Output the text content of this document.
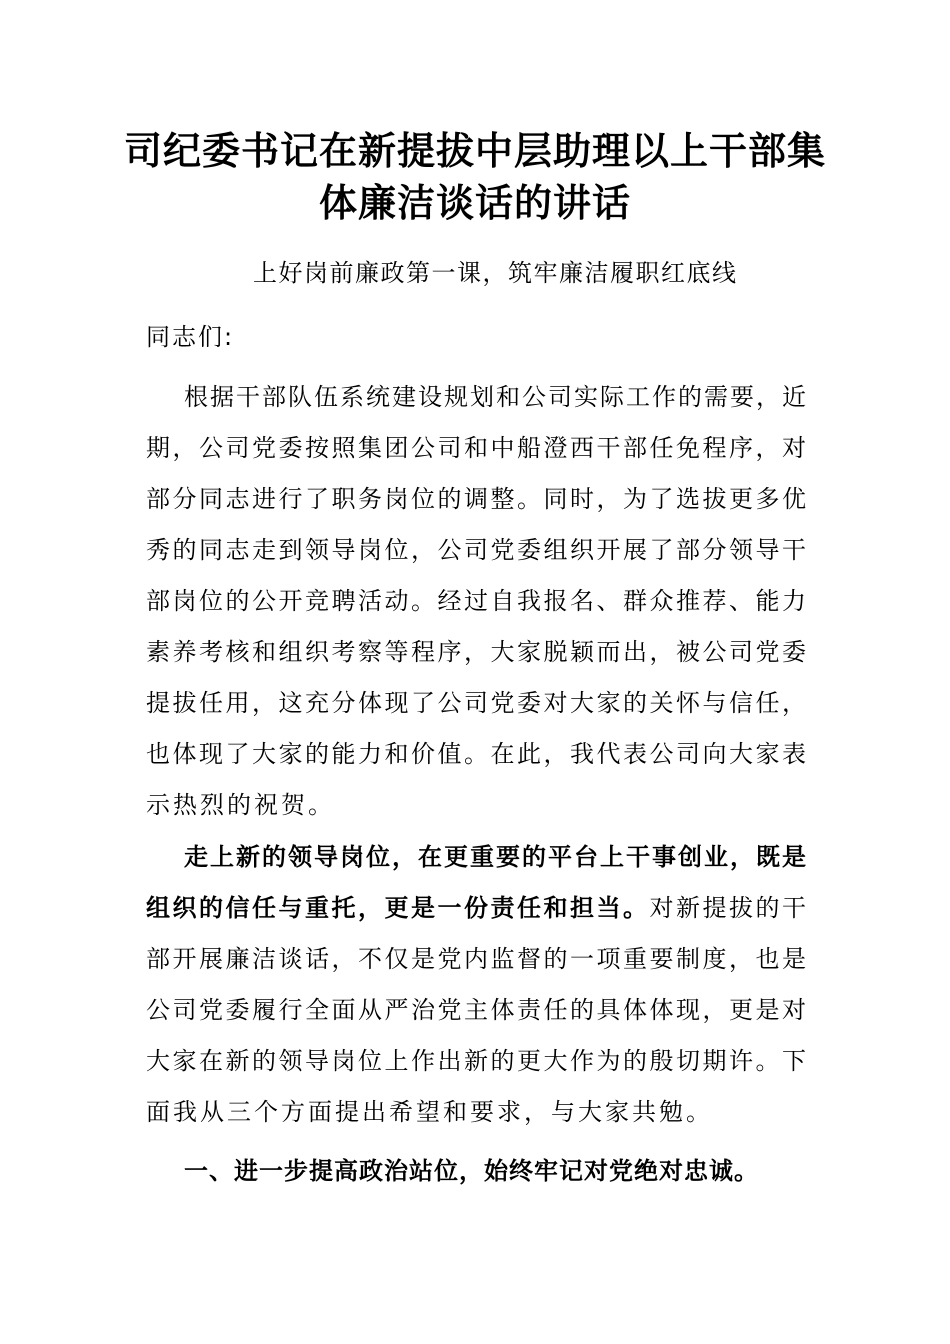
司纪委书记在新提拔中层助理以上干部集
体廉洁谈话的讲话
上好岗前廉政第一课，筑牢廉洁履职红底线
同志们:
根据干部队伍系统建设规划和公司实际工作的需要，近
期，公司党委按照集团公司和中船澄西干部任免程序，对
部分同志进行了职务岗位的调整。同时，为了选拔更多优
秀的同志走到领导岗位，公司党委组织开展了部分领导干
部岗位的公开竞聘活动。经过自我报名、群众推荐、能力
素养考核和组织考察等程序，大家脱颖而出，被公司党委
提拔任用，这充分体现了公司党委对大家的关怀与信任，
也体现了大家的能力和价值。在此，我代表公司向大家表
示热烈的祝贺。
走上新的领导岗位，在更重要的平台上干事创业，既是
组织的信任与重托，更是一份责任和担当。对新提拔的干
部开展廉洁谈话，不仅是党内监督的一项重要制度，也是
公司党委履行全面从严治党主体责任的具体体现，更是对
大家在新的领导岗位上作出新的更大作为的殷切期许。下
面我从三个方面提出希望和要求，与大家共勉。
一、进一步提高政治站位，始终牢记对党绝对忠诚。
